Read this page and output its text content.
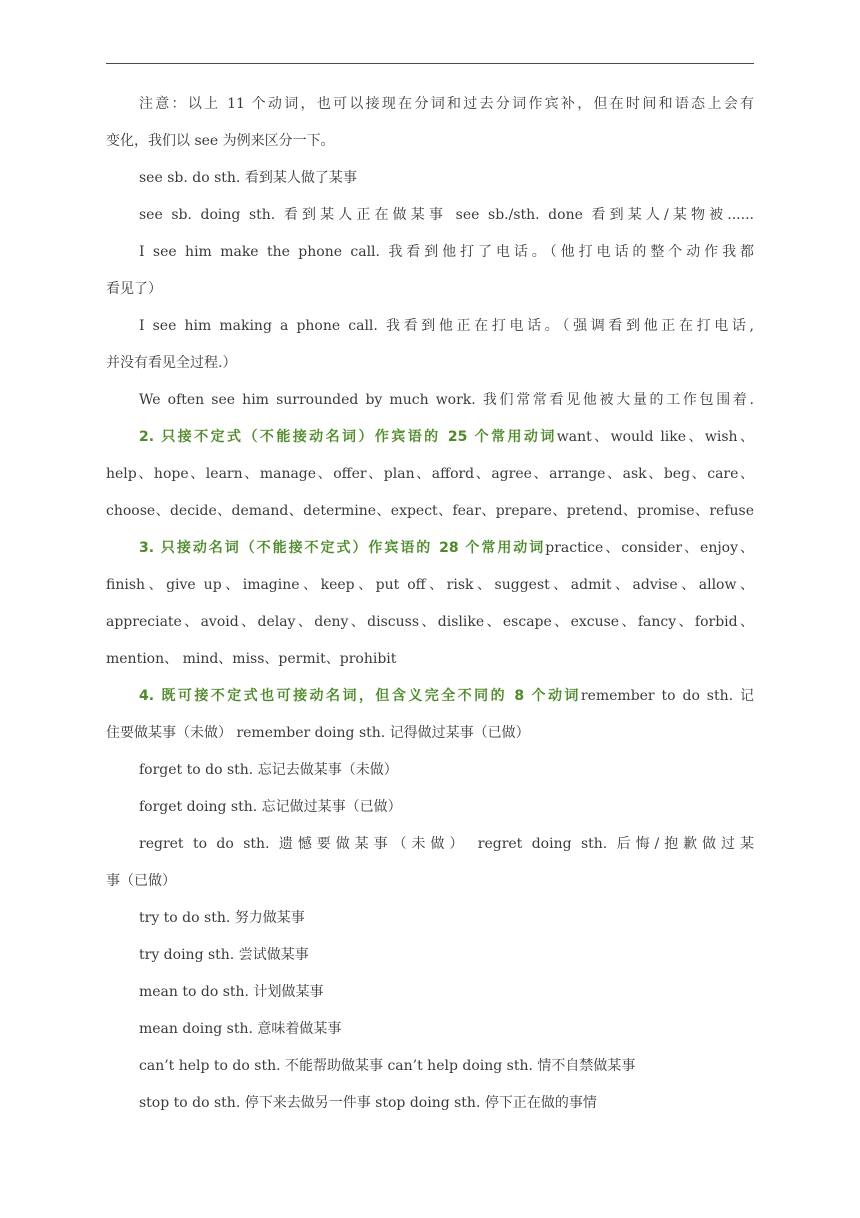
注意：以上 11 个动词，也可以接现在分词和过去分词作宾补，但在时间和语态上会有
变化，我们以 see 为例来区分一下。
see sb. do sth. 看到某人做了某事
see sb. doing sth. 看到某人正在做某事 see sb./sth. done 看到某人/某物被......
I see him make the phone call. 我看到他打了电话。（他打电话的整个动作我都
看见了）
I see him making a phone call. 我看到他正在打电话。（强调看到他正在打电话,
并没有看见全过程.）
We often see him surrounded by much work. 我们常常看见他被大量的工作包围着.
2. 只接不定式（不能接动名词）作宾语的 25 个常用动词want、would like、wish、
help、hope、learn、manage、offer、plan、afford、agree、arrange、ask、beg、care、
choose、decide、demand、determine、expect、fear、prepare、pretend、promise、refuse
3. 只接动名词（不能接不定式）作宾语的 28 个常用动词practice、consider、enjoy、
finish、give up、imagine、keep、put off、risk、suggest、admit、advise、allow、
appreciate、avoid、delay、deny、discuss、dislike、escape、excuse、fancy、forbid、
mention、 mind、miss、permit、prohibit
4. 既可接不定式也可接动名词，但含义完全不同的 8 个动词remember to do sth. 记
住要做某事（未做） remember doing sth. 记得做过某事（已做）
forget to do sth. 忘记去做某事（未做）
forget doing sth. 忘记做过某事（已做）
regret to do sth. 遗憾要做某事（未做） regret doing sth. 后悔/抱歉做过某
事（已做）
try to do sth. 努力做某事
try doing sth. 尝试做某事
mean to do sth. 计划做某事
mean doing sth. 意味着做某事
can’t help to do sth. 不能帮助做某事 can’t help doing sth. 情不自禁做某事
stop to do sth. 停下来去做另一件事 stop doing sth. 停下正在做的事情
